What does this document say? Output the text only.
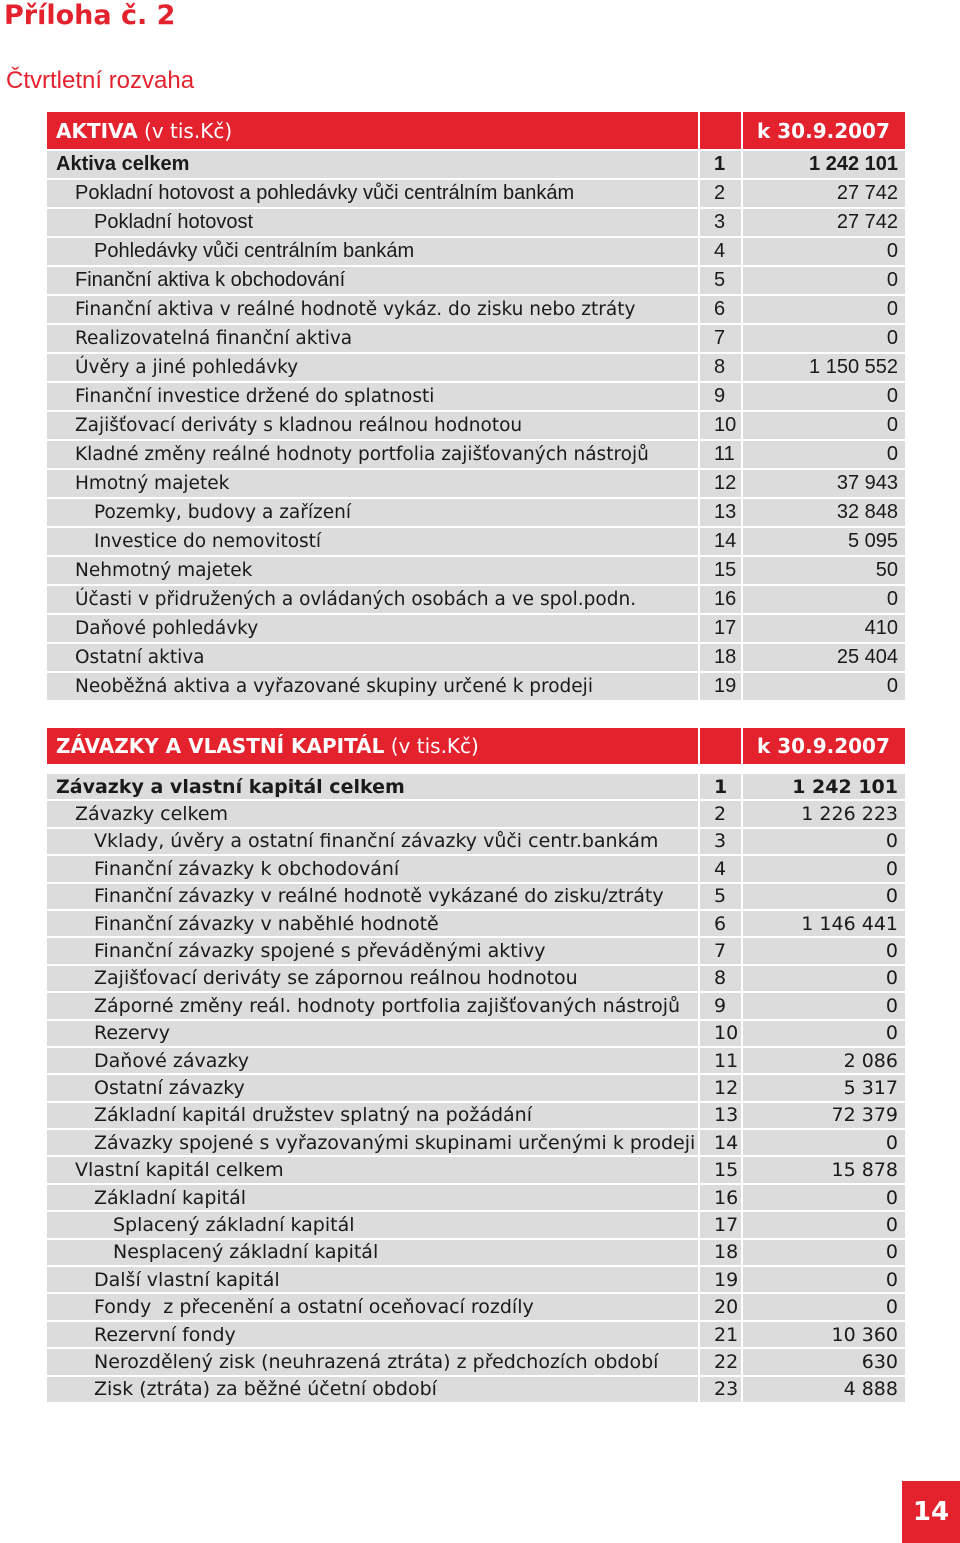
Příloha č. 2
Čtvrtletní rozvaha
AKTIVA (v tis.Kč)	k 30.9.2007
Aktiva celkem	1	1 242 101
Pokladní hotovost a pohledávky vůči centrálním bankám	2	27 742
Pokladní hotovost	3	27 742
Pohledávky vůči centrálním bankám	4	0
Finanční aktiva k obchodování	5	0
Finanční aktiva v reálné hodnotě vykáz. do zisku nebo ztráty	6	0
Realizovatelná finanční aktiva	7	0
Úvěry a jiné pohledávky	8	1 150 552
Finanční investice držené do splatnosti	9	0
Zajišťovací deriváty s kladnou reálnou hodnotou	10	0
Kladné změny reálné hodnoty portfolia zajišťovaných nástrojů	11	0
Hmotný majetek	12	37 943
Pozemky, budovy a zařízení	13	32 848
Investice do nemovitostí	14	5 095
Nehmotný majetek	15	50
Účasti v přidružených a ovládaných osobách a ve spol.podn.	16	0
Daňové pohledávky	17	410
Ostatní aktiva	18	25 404
Neoběžná aktiva a vyřazované skupiny určené k prodeji	19	0
ZÁVAZKY A VLASTNÍ KAPITÁL (v tis.Kč)	k 30.9.2007
Závazky a vlastní kapitál celkem	1	1 242 101
Závazky celkem	2	1 226 223
Vklady, úvěry a ostatní finanční závazky vůči centr.bankám	3	0
Finanční závazky k obchodování	4	0
Finanční závazky v reálné hodnotě vykázané do zisku/ztráty	5	0
Finanční závazky v naběhlé hodnotě	6	1 146 441
Finanční závazky spojené s převáděnými aktivy	7	0
Zajišťovací deriváty se zápornou reálnou hodnotou	8	0
Záporné změny reál. hodnoty portfolia zajišťovaných nástrojů	9	0
Rezervy	10	0
Daňové závazky	11	2 086
Ostatní závazky	12	5 317
Základní kapitál družstev splatný na požádání	13	72 379
Závazky spojené s vyřazovanými skupinami určenými k prodeji 14	0
Vlastní kapitál celkem	15	15 878
Základní kapitál	16	0
Splacený základní kapitál	17	0
Nesplacený základní kapitál	18	0
Další vlastní kapitál	19	0
Fondy  z přecenění a ostatní oceňovací rozdíly	20	0
Rezervní fondy	21	10 360
Nerozdělený zisk (neuhrazená ztráta) z předchozích období	22	630
Zisk (ztráta) za běžné účetní období	23	4 888
14
